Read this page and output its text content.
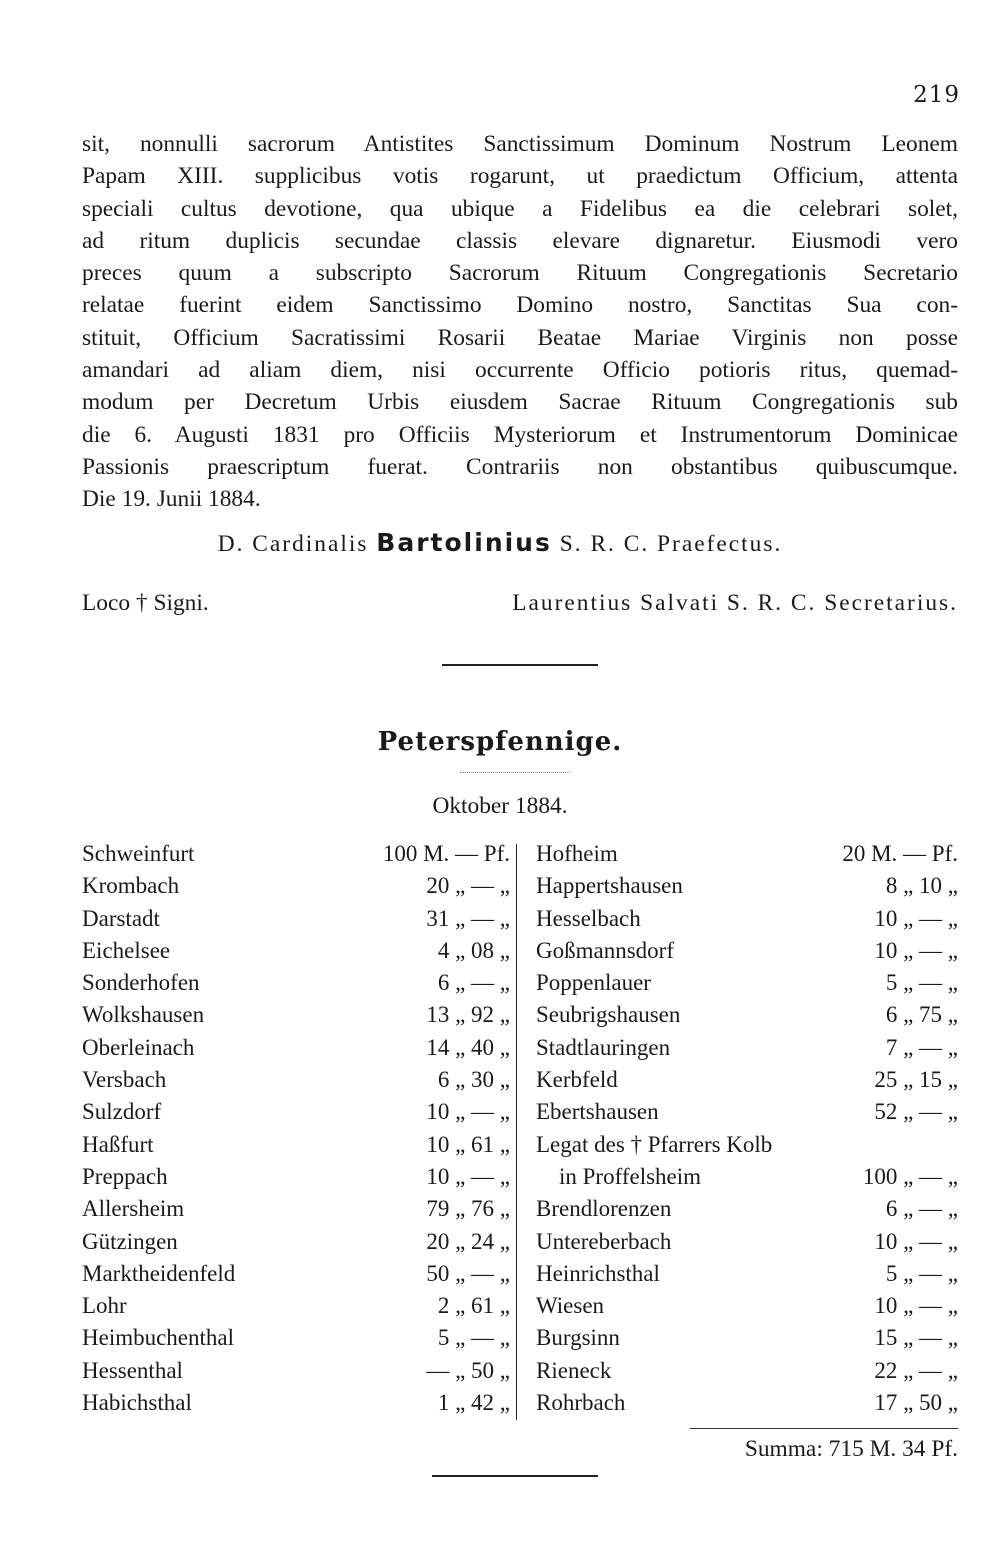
219
sit, nonnulli sacrorum Antistites Sanctissimum Dominum Nostrum Leonem
Papam XIII. supplicibus votis rogarunt, ut praedictum Officium, attenta
speciali cultus devotione, qua ubique a Fidelibus ea die celebrari solet,
ad ritum duplicis secundae classis elevare dignaretur. Eiusmodi vero
preces quum a subscripto Sacrorum Rituum Congregationis Secretario
relatae fuerint eidem Sanctissimo Domino nostro, Sanctitas Sua con-
stituit, Officium Sacratissimi Rosarii Beatae Mariae Virginis non posse
amandari ad aliam diem, nisi occurrente Officio potioris ritus, quemad-
modum per Decretum Urbis eiusdem Sacrae Rituum Congregationis sub
die 6. Augusti 1831 pro Officiis Mysteriorum et Instrumentorum Dominicae
Passionis praescriptum fuerat. Contrariis non obstantibus quibuscumque.
Die 19. Junii 1884.
D. Cardinalis Bartolinius S. R. C. Praefectus.
Loco † Signi.	Laurentius Salvati S. R. C. Secretarius.
Peterspfennige.
Oktober 1884.
Schweinfurt	100 M. — Pf.
Krombach	20 „ — „
Darstadt	31 „ — „
Eichelsee	4 „ 08 „
Sonderhofen	6 „ — „
Wolkshausen	13 „ 92 „
Oberleinach	14 „ 40 „
Versbach	6 „ 30 „
Sulzdorf	10 „ — „
Haßfurt	10 „ 61 „
Preppach	10 „ — „
Allersheim	79 „ 76 „
Gützingen	20 „ 24 „
Marktheidenfeld	50 „ — „
Lohr	2 „ 61 „
Heimbuchenthal	5 „ — „
Hessenthal	— „ 50 „
Habichsthal	1 „ 42 „
Hofheim	20 M. — Pf.
Happertshausen	8 „ 10 „
Hesselbach	10 „ — „
Goßmannsdorf	10 „ — „
Poppenlauer	5 „ — „
Seubrigshausen	6 „ 75 „
Stadtlauringen	7 „ — „
Kerbfeld	25 „ 15 „
Ebertshausen	52 „ — „
Legat des † Pfarrers Kolb
in Proffelsheim	100 „ — „
Brendlorenzen	6 „ — „
Untereberbach	10 „ — „
Heinrichsthal	5 „ — „
Wiesen	10 „ — „
Burgsinn	15 „ — „
Rieneck	22 „ — „
Rohrbach	17 „ 50 „
Summa: 715 M. 34 Pf.
